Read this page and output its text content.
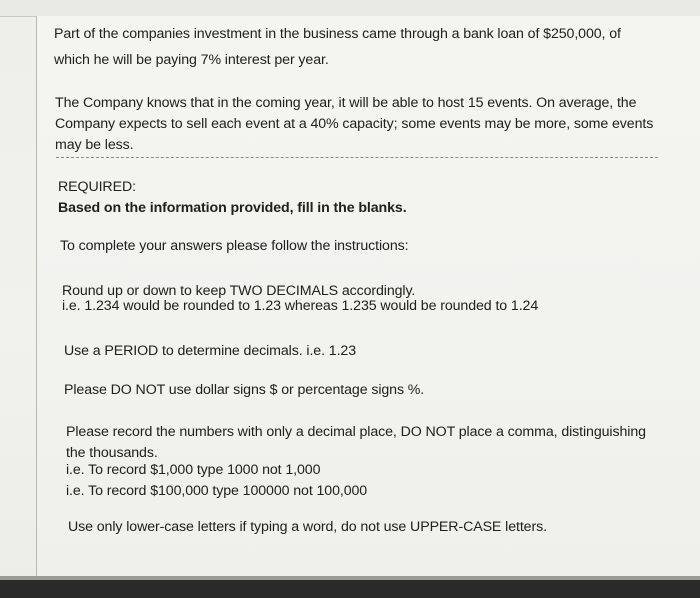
Part of the companies investment in the business came through a bank loan of $250,000, of
which he will be paying 7% interest per year.
The Company knows that in the coming year, it will be able to host 15 events. On average, the
Company expects to sell each event at a 40% capacity; some events may be more, some events
may be less.
REQUIRED:
Based on the information provided, fill in the blanks.
To complete your answers please follow the instructions:
Round up or down to keep TWO DECIMALS accordingly.
i.e. 1.234 would be rounded to 1.23 whereas 1.235 would be rounded to 1.24
Use a PERIOD to determine decimals. i.e. 1.23
Please DO NOT use dollar signs $ or percentage signs %.
Please record the numbers with only a decimal place, DO NOT place a comma, distinguishing
the thousands.
i.e. To record $1,000 type 1000 not 1,000
i.e. To record $100,000 type 100000 not 100,000
Use only lower-case letters if typing a word, do not use UPPER-CASE letters.
